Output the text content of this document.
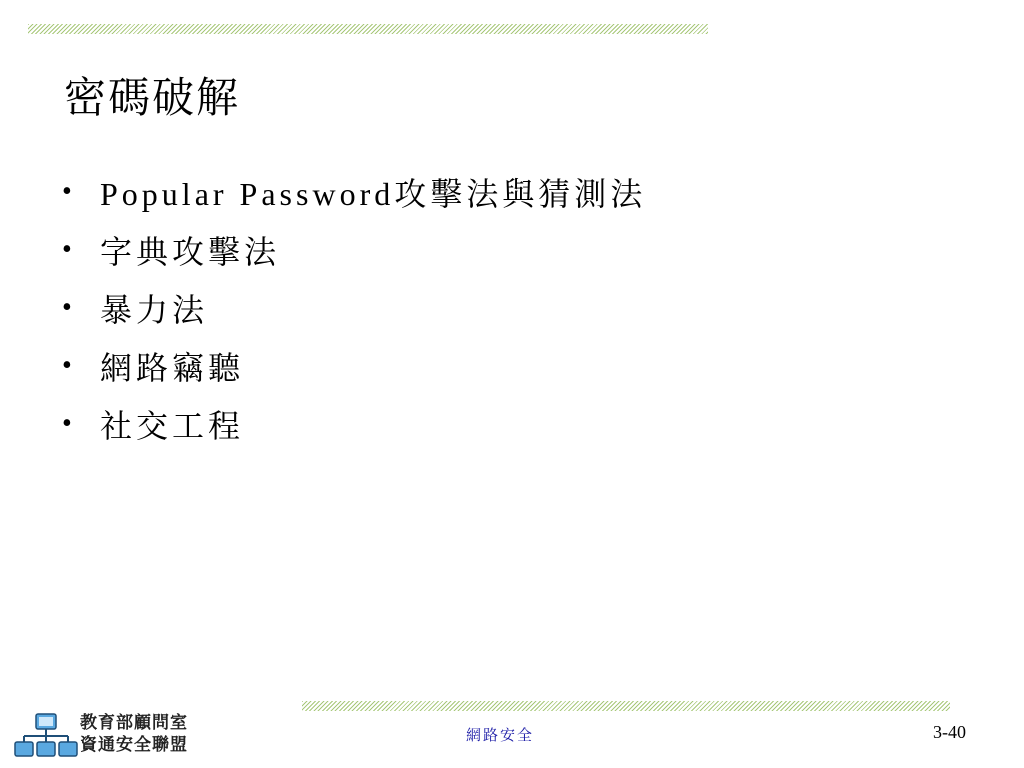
密碼破解
• Popular Password攻擊法與猜測法
• 字典攻擊法
• 暴力法
• 網路竊聽
• 社交工程
教育部顧問室
資通安全聯盟	網路安全	3-40
